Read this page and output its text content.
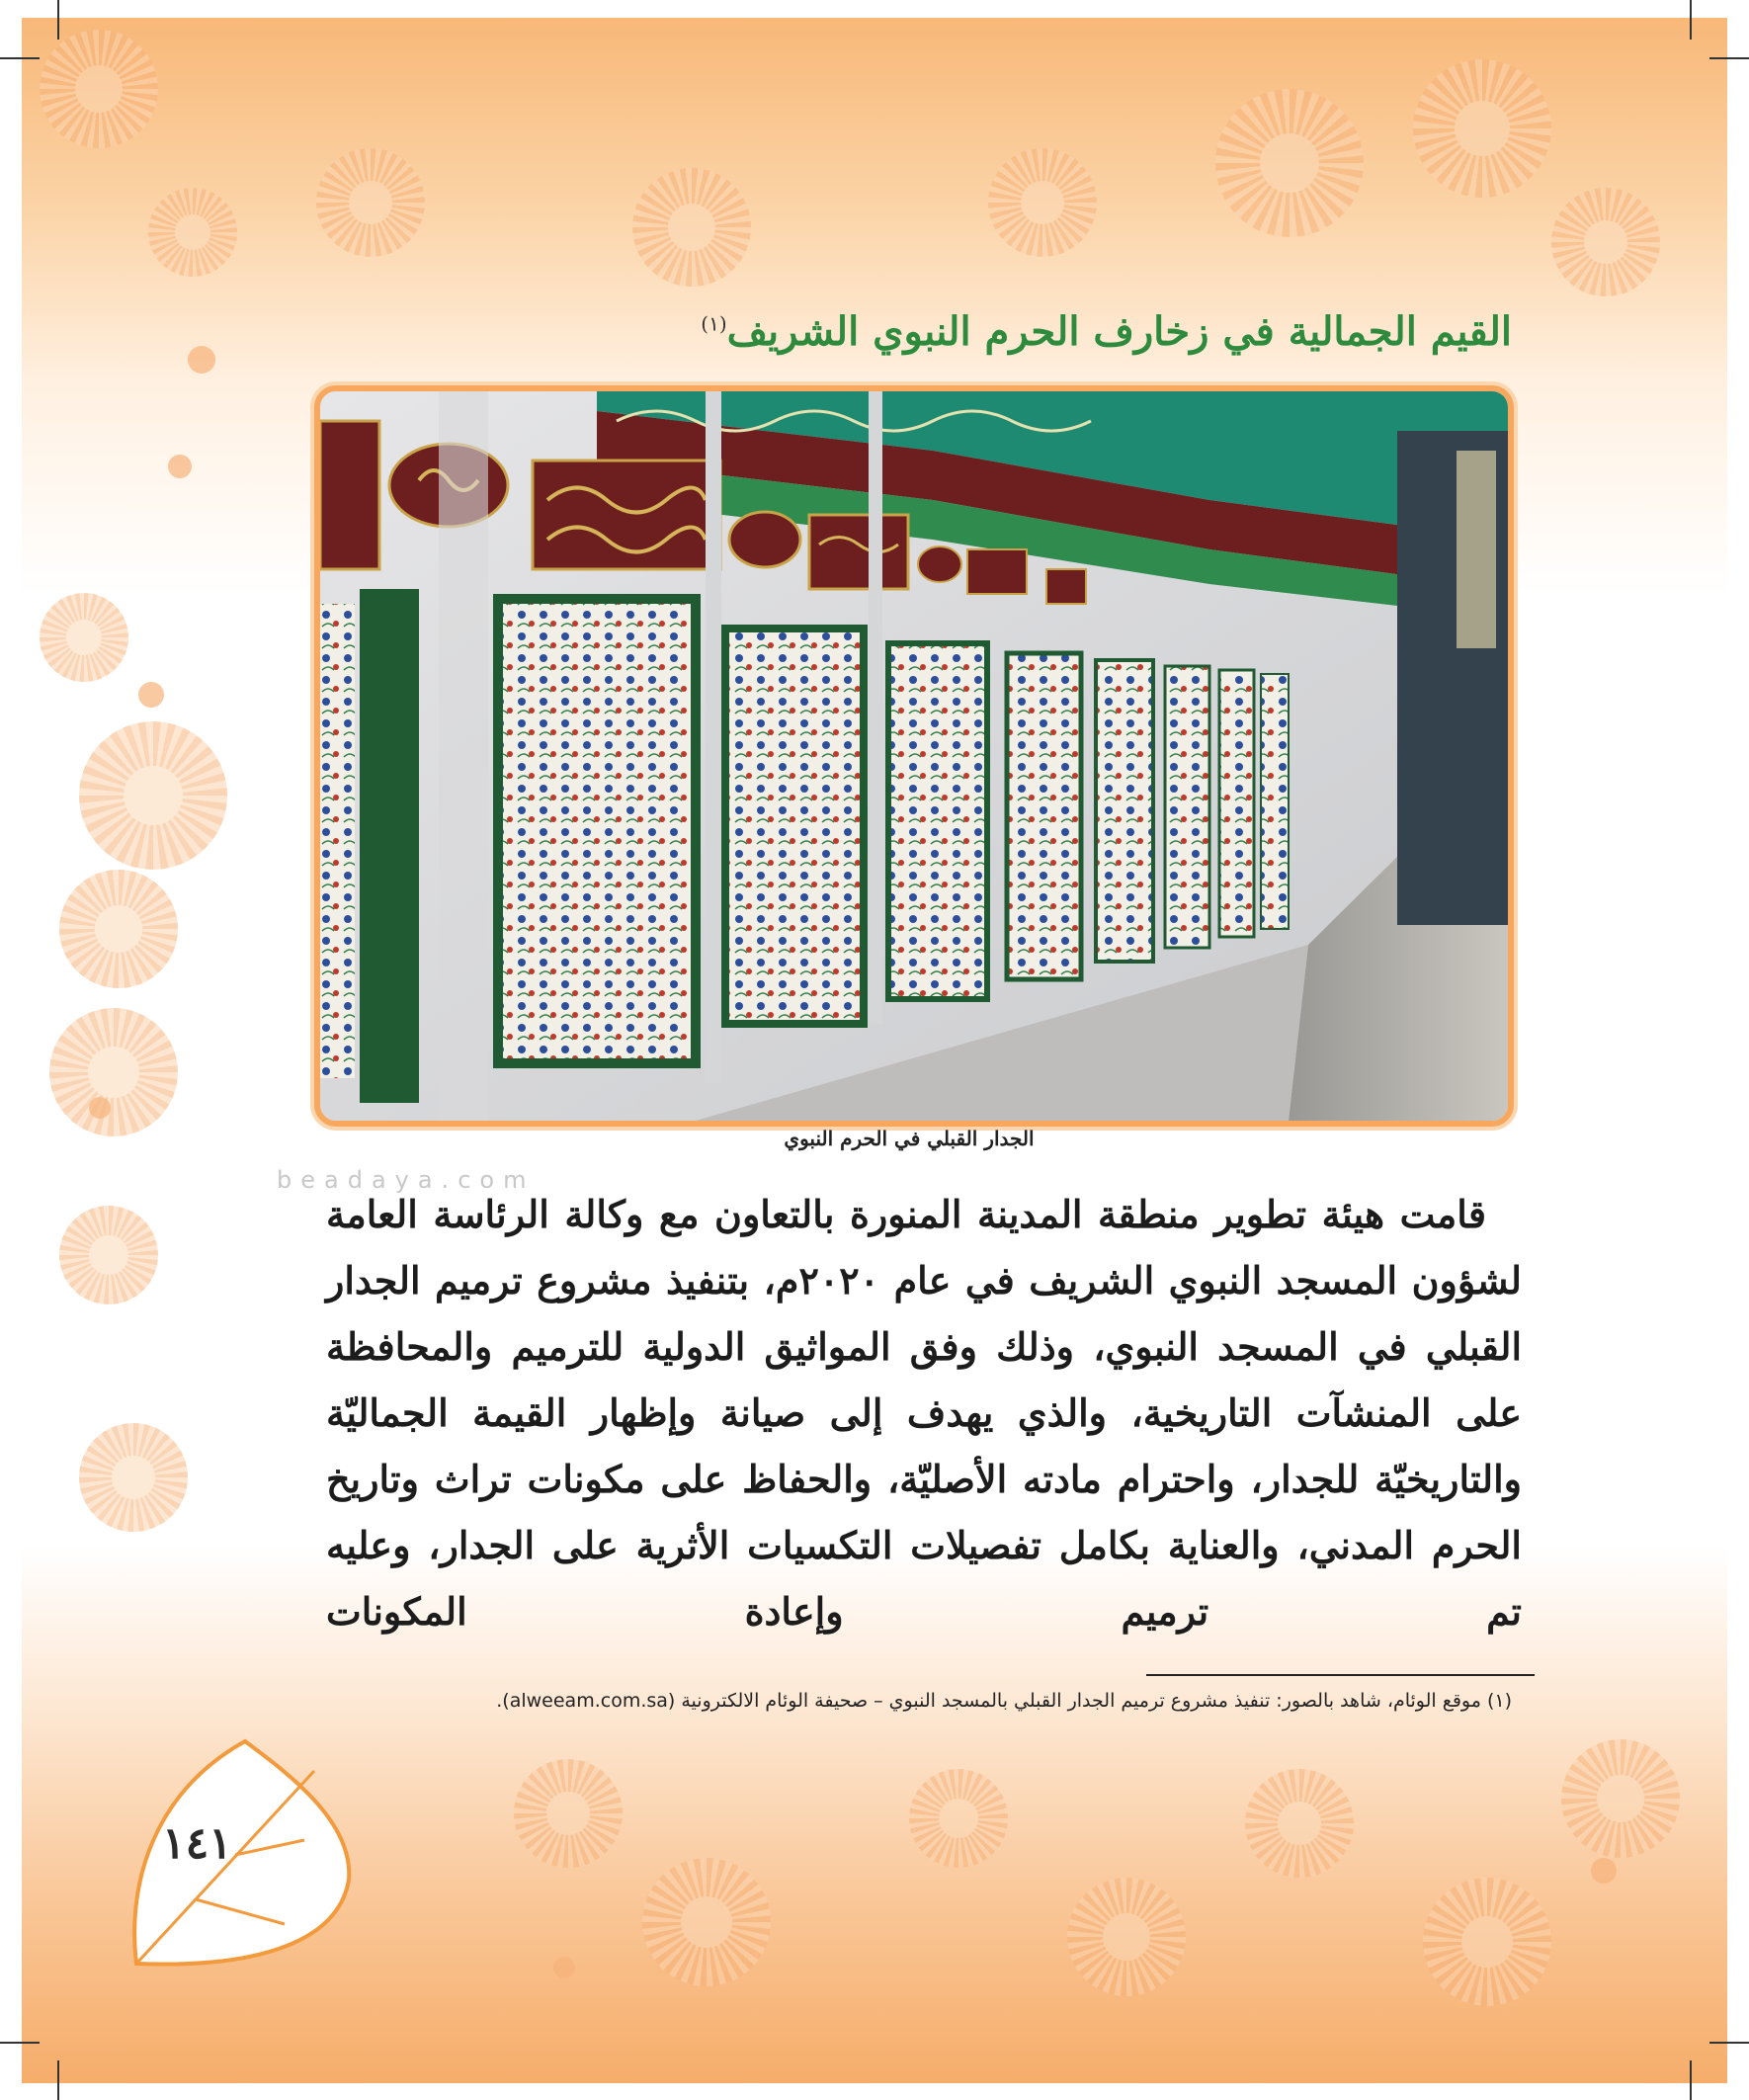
القيم الجمالية في زخارف الحرم النبوي الشريف$^{(١)}$
الجدار القبلي في الحرم النبوي
beadaya.com
قامت هيئة تطوير منطقة المدينة المنورة بالتعاون مع وكالة الرئاسة العامة لشؤون المسجد النبوي الشريف في عام ٢٠٢٠م، بتنفيذ مشروع ترميم الجدار القبلي في المسجد النبوي، وذلك وفق المواثيق الدولية للترميم والمحافظة على المنشآت التاريخية، والذي يهدف إلى صيانة وإظهار القيمة الجماليّة والتاريخيّة للجدار، واحترام مادته الأصليّة، والحفاظ على مكونات تراث وتاريخ الحرم المدني، والعناية بكامل تفصيلات التكسيات الأثرية على الجدار، وعليه تم ترميم وإعادة المكونات
(١) موقع الوئام، شاهد بالصور: تنفيذ مشروع ترميم الجدار القبلي بالمسجد النبوي – صحيفة الوئام الالكترونية (alweeam.com.sa).
١٤١
